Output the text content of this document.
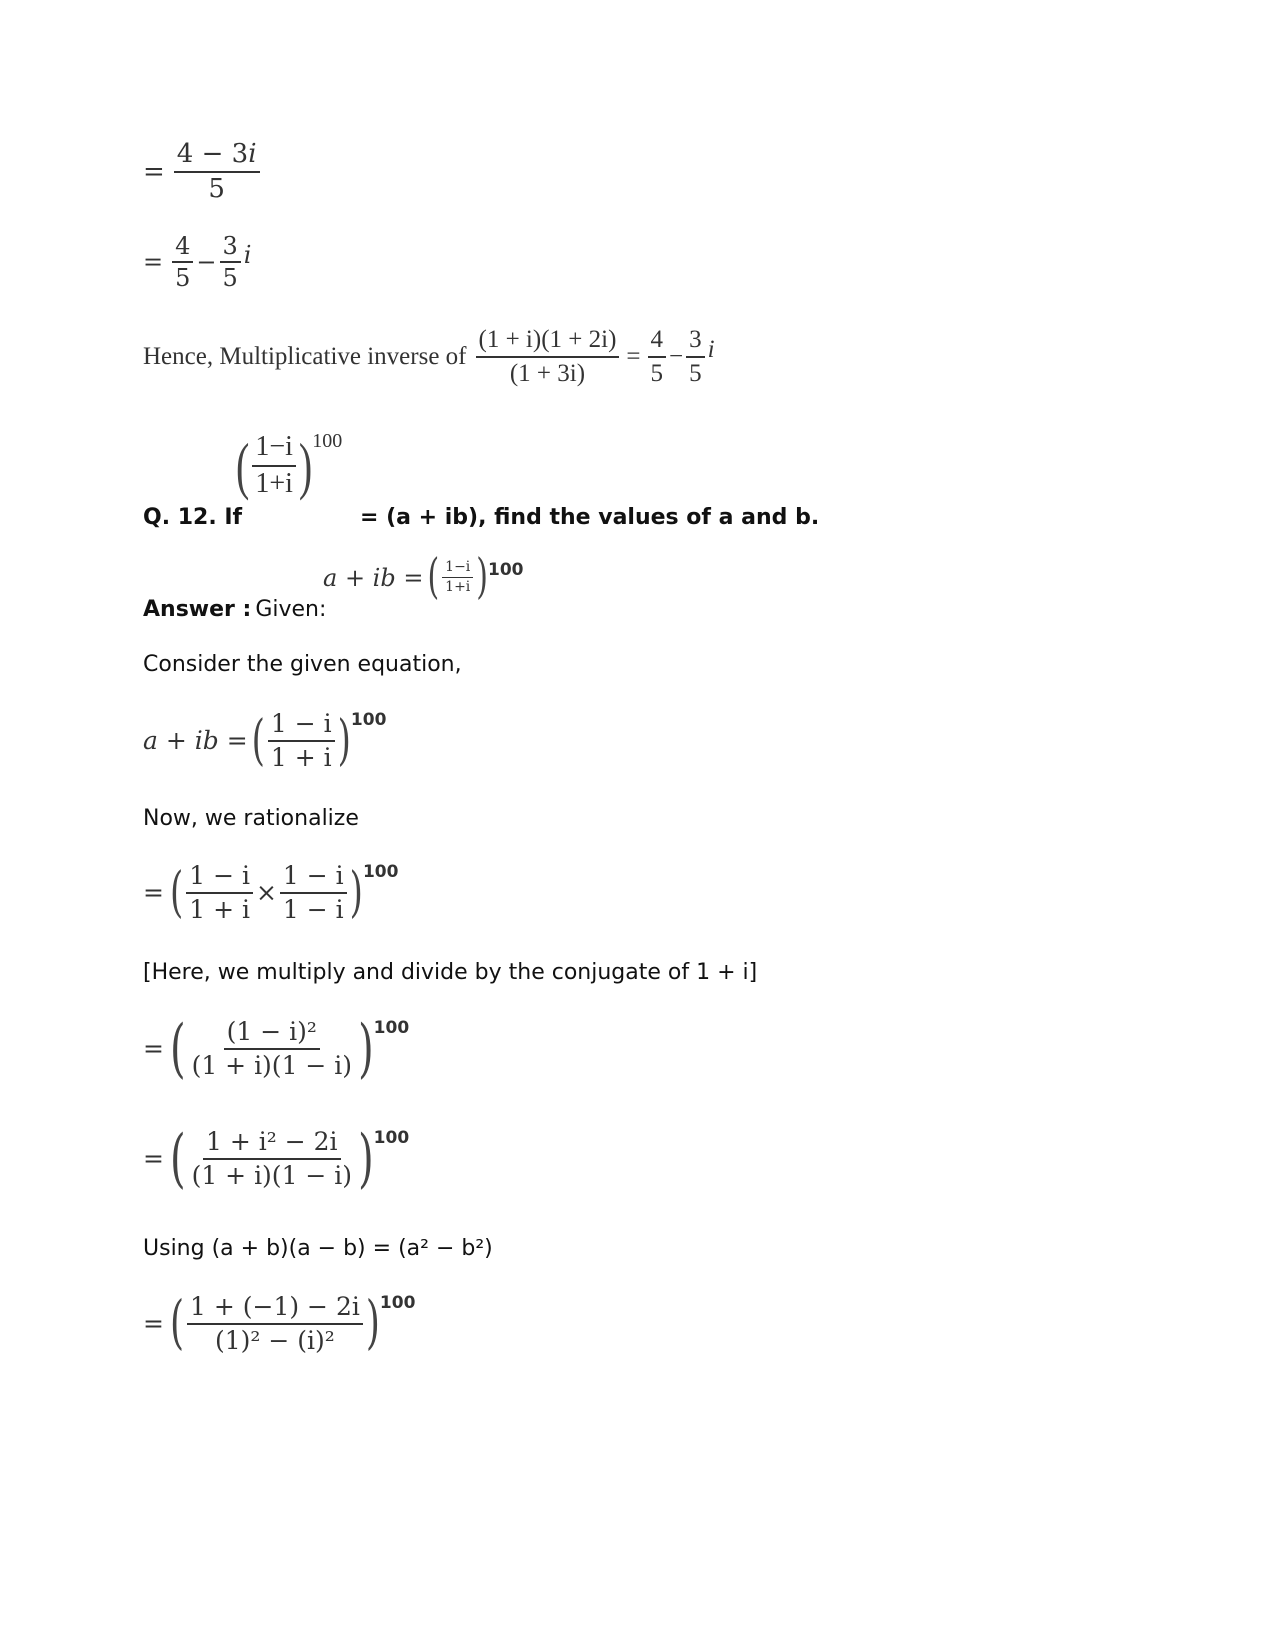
= $\frac{4 - 3i}{5}$
= $\frac{4}{5} - \frac{3}{5}$ i
Hence, Multiplicative inverse of $\frac{(1 + i)(1 + 2i)}{(1 + 3i)} = \frac{4}{5} - \frac{3}{5}$ i
Q. 12. If
( $\frac{1-i}{1+i}$ ) 100
= (a + ib), find the values of a and b.
Answer : Given:
a + ib = ( $\frac{1-i}{1+i}$ ) 100
Consider the given equation,
a + ib = ( $\frac{1 - i}{1 + i}$ ) 100
Now, we rationalize
= ( $\frac{1 - i}{1 + i} \times \frac{1 - i}{1 - i}$ ) 100
[Here, we multiply and divide by the conjugate of 1 + i]
= ( $\frac{\text{(1 − i)²}}{(1 + i)(1 - i)}$ ) 100
= ( $\frac{\text{1 + i² − 2i}}{(1 + i)(1 - i)}$ ) 100
Using (a + b)(a − b) = (a² − b²)
= ( $\frac{1 + (-1) - 2i}{\text{(1)² − (i)²}}$ ) 100
